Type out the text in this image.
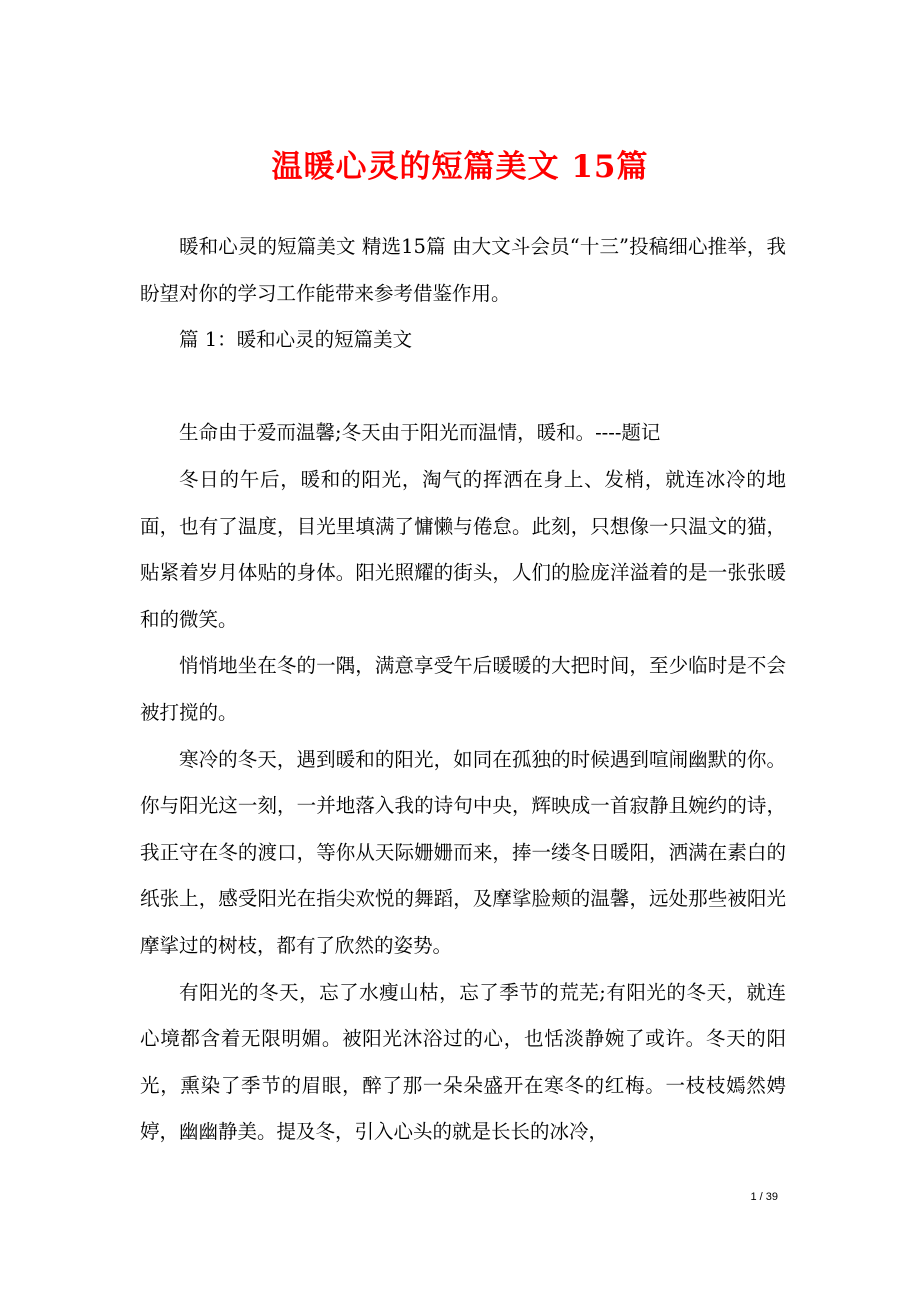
温暖心灵的短篇美文 15篇

暖和心灵的短篇美文 精选15篇 由大文斗会员“十三”投稿细心推举，我盼望对你的学习工作能带来参考借鉴作用。

篇 1：暖和心灵的短篇美文

生命由于爱而温馨;冬天由于阳光而温情，暖和。----题记

冬日的午后，暖和的阳光，淘气的挥洒在身上、发梢，就连冰冷的地面，也有了温度，目光里填满了慵懒与倦怠。此刻，只想像一只温文的猫，贴紧着岁月体贴的身体。阳光照耀的街头，人们的脸庞洋溢着的是一张张暖和的微笑。

悄悄地坐在冬的一隅，满意享受午后暖暖的大把时间，至少临时是不会被打搅的。

寒冷的冬天，遇到暖和的阳光，如同在孤独的时候遇到喧闹幽默的你。你与阳光这一刻，一并地落入我的诗句中央，辉映成一首寂静且婉约的诗，我正守在冬的渡口，等你从天际姗姗而来，捧一缕冬日暖阳，洒满在素白的纸张上，感受阳光在指尖欢悦的舞蹈，及摩挲脸颊的温馨，远处那些被阳光摩挲过的树枝，都有了欣然的姿势。

有阳光的冬天，忘了水瘦山枯，忘了季节的荒芜;有阳光的冬天，就连心境都含着无限明媚。被阳光沐浴过的心，也恬淡静婉了或许。冬天的阳光，熏染了季节的眉眼，醉了那一朵朵盛开在寒冬的红梅。一枝枝嫣然娉婷，幽幽静美。提及冬，引入心头的就是长长的冰冷，

1 / 39
